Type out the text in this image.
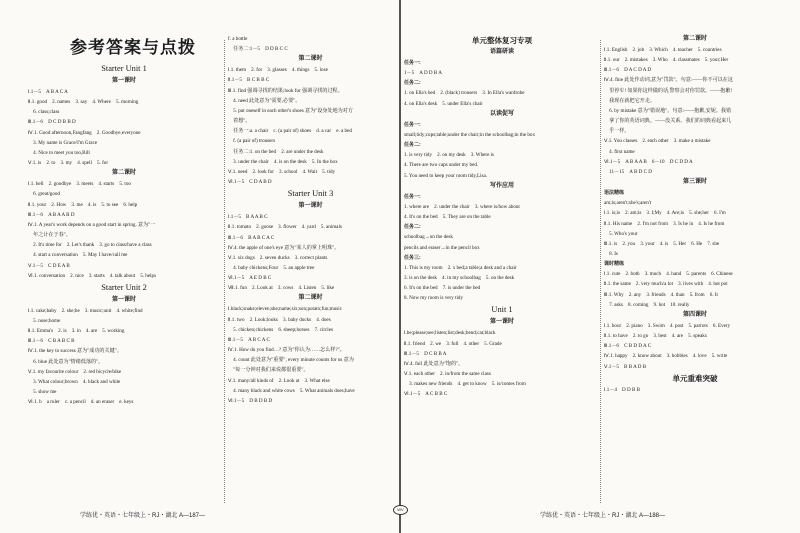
参考答案与点拨
Starter Unit 1
第一课时
Ⅰ.1－5　A B A C A
Ⅱ.1. good　2. names　3. say　4. Where　5. morning
　6. class;class
Ⅲ.1－6　D C D B B D
Ⅳ.1. Good afternoon,Fangfang　2. Goodbye,everyone
　3. My name is Grace/I'm Grace
　4. Nice to meet you too,Bill
Ⅴ.1. is　2. to　3. my　4. spell　5. for
第二课时
Ⅰ.1. hell　2. goodbye　3. meets　4. starts　5. too
　6. great/good
Ⅱ.1. your　2. How　3. me　4. is　5. to see　6. help
Ⅲ.1－6　A B A A R D
Ⅳ.1. A year's work depends on a good start in spring. 意为"一
　年之计在于春"。
　2. It's time for　2. Let's thank　3. go to class/have a class
　4. start a conversation　5. May I have/call me
Ⅴ.1－5　C D E A B
Ⅵ.1. conversation　2. nice　3. starts　4. talk about　5. helps
Starter Unit 2
第一课时
Ⅰ.1. cake;baby　2. she;he　3. music;unit　4. white;find
　5. nose;home
Ⅱ.1. Emma's　2. is　3. in　4. are　5. working
Ⅲ.1－6　C B A B C B
Ⅳ.1. the key to success 意为"成功的关键"。
　6. blue 此处意为"情绪低落的"。
Ⅴ.1. my favourite colour　2. red bicycle/bike
　3. What colour;brown　4. black and white
　5. show me
Ⅵ.1. b　a ruler　c. a pencil　d. an eraser　e. keys
f. a bottle
　任务二:1－5　D D B C C
第二课时
Ⅰ.1. them　2. for　3. glasses　4. things　5. lose
Ⅱ.1－5　B C B B C
Ⅲ.1. find 强调寻找的结果;look for 强调寻找的过程。
　4. need 此处意为"需要,必要"。
　5. put oneself in each other's shoes 意为"设身处地为对方
　着想"。
　任务一:a. a chair　c. (a pair of) shoes　d. a car　e. a bed
　f. (a pair of) trousers
　任务二:1. on the bed　2. are under the desk
　3. under the chair　4. is on the desk　5. In the box
Ⅴ.1. need　2. look for　3. school　4. Wait　5. tidy
Ⅵ.1－5　C D A B D
Starter Unit 3
第一课时
Ⅰ.1－5　B A A B C
Ⅱ.1. tomato　2. goose　3. flower　4. yard　5. animals
Ⅲ.1－6　B A B C A C
Ⅳ.4. the apple of one's eye 意为"某人的掌上明珠"。
Ⅴ.1. six dogs　2. seven ducks　3. correct plants
　4. baby chickens;Four　5. an apple tree
Ⅵ.1－5　A E D B C
Ⅶ.1. fun　2. Look at　3. cows　4. Listen　5. like
第二课时
Ⅰ.black;snake;eleven;she;name;six;son;potato;fun;music
Ⅱ.1. two　2. Look;looks　3. baby ducks　4. does
　5. chicken;chickens　6. sheep;horses　7. circles
Ⅲ.1－5　A B C A C
Ⅳ.1. How do you find…? 意为"你认为……怎么样?"。
　4. count 此处意为"重要", every minute counts for us 意为
　"每一分钟对我们来说都很重要"。
Ⅴ.1. many/all kinds of　2. Look at　3. What else
　4. many black and white cows　5. What animals does;have
Ⅵ.1－5　D B D B D
单元整体复习专项
语篇研读
任务一:
1－5　A D D B A
任务二:
1. on Ella's bed　2. (black) trousers　3. In Ella's wardrobe
4. on Ella's desk　5. under Ella's chair
以读促写
任务一:
small;tidy;cups;table;under the chair;in the schoolbag;in the box
任务二:
1. is very tidy　2. on my desk　3. Where is
4. There are two caps under my bed.
5. You need to keep your room tidy,Lisa.
写作应用
任务一:
1. where are　2. under the chair　3. where is/how about
4. It's on the bed　5. They are on the table
任务二:
schoolbag→on the desk
pencils and eraser→in the pencil box
任务三:
1. This is my room　2. x bed;a table;a desk and a chair
3. is on the desk　4. in my schoolbag　5. on the desk
6. It's on the bed　7. is under the bed
8. Now my room is very tidy
Unit 1
第一课时
Ⅰ.be;please;see;listen;list;desk;bend;cat;black
Ⅱ.1. friend　2. we　3. full　4. other　5. Grade
Ⅲ.1－5　D C B B A
Ⅳ.4. full 此处意为"饱的"。
Ⅴ.1. each other　2. in/from the same class
　3. makes new friends　4. get to know　5. is/comes from
Ⅵ.1－5　A C B B C
第二课时
Ⅰ.1. English　2. job　3. Which　4. teacher　5. countries
Ⅱ.1. our　2. mistakes　3. Who　4. classmates　5. your;Her
Ⅲ.1－6　D A C D A D
Ⅳ.4. fine 此处作动词,意为"罚款"。句意:——你不可以在这
　里停车! 如果你这样做的话,警察会对你罚款。——抱歉!
　我现在就把它开走。
　6. by mistake 意为"错误地"。句意:——抱歉,安妮。我错
　拿了你的英语词典。——没关系。我们的词典看起来几
　乎一样。
Ⅴ.1. You classes　2. each other　3. make a mistake
　4. first name
Ⅵ.1－5　A B A A B　6－10　D C D D A
　11－15　A B D C D
第三课时
语法精练
am;is;aren't;she's;aren't
Ⅰ.1. is;is　2. am;is　3. I;My　4. Are;is　5. she;her　6. I'm
Ⅱ.1. His name　2. I'm not from　3. Is he in　4. Is he from
　5. Who's your
Ⅲ.1. is　2. you　3. your　4. is　5. Her　6. He　7. she
　8. Is
课时精练
Ⅰ.1. cute　2. both　3. much　4. hand　5. parents　6. Chinese
Ⅱ.1. the same　2. very much/a lot　3. lives with　4. hot pot
Ⅲ.1. Why　2. any　3. friends　4. than　5. from　6. It
　7. asks　8. coming　9. hot　10. really
第四课时
Ⅰ.1. hour　2. piano　3. Swim　4. post　5. parrots　6. Every
Ⅱ.1. to have　2. to go　3. best　4. are　5. speaks
Ⅲ.1－6　C B D D A C
Ⅳ.1. happy　2. know about　3. hobbies　4. love　5. write
Ⅴ.1－5　B B A D B
单元重难突破
Ⅰ.1－4　D D B B
学练优・英语・七年级上・RJ・湖北 A—187—
WV
学练优・英语・七年级上・RJ・湖北 A—188—
